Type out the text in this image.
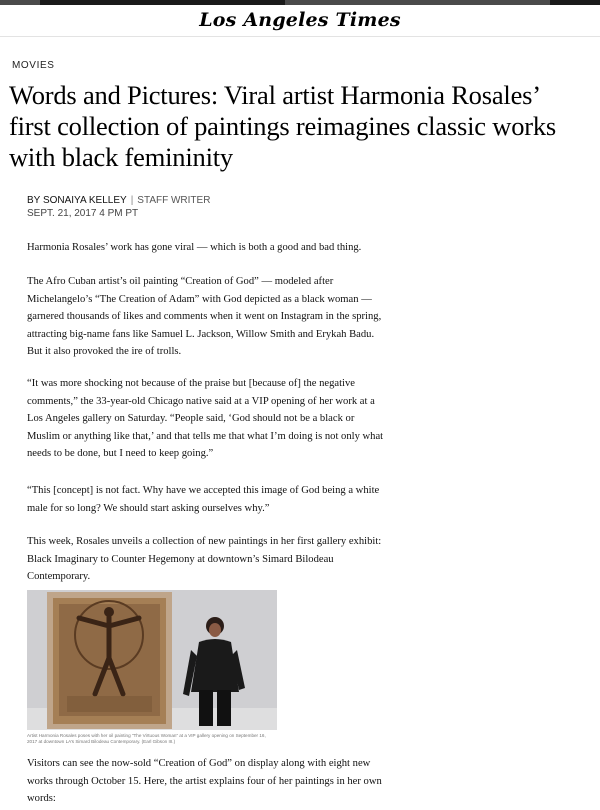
Los Angeles Times
MOVIES
Words and Pictures: Viral artist Harmonia Rosales’ first collection of paintings reimagines classic works with black femininity
BY SONAIYA KELLEY | STAFF WRITER
SEPT. 21, 2017 4 PM PT

Harmonia Rosales’ work has gone viral — which is both a good and bad thing.

The Afro Cuban artist’s oil painting “Creation of God” — modeled after Michelangelo’s “The Creation of Adam” with God depicted as a black woman — garnered thousands of likes and comments when it went on Instagram in the spring, attracting big-name fans like Samuel L. Jackson, Willow Smith and Erykah Badu. But it also provoked the ire of trolls.

“It was more shocking not because of the praise but [because of] the negative comments,” the 33-year-old Chicago native said at a VIP opening of her work at a Los Angeles gallery on Saturday. “People said, ‘God should not be a black or Muslim or anything like that,’ and that tells me that what I’m doing is not only what needs to be done, but I need to keep going.”

“This [concept] is not fact. Why have we accepted this image of God being a white male for so long? We should start asking ourselves why.”

This week, Rosales unveils a collection of new paintings in her first gallery exhibit: Black Imaginary to Counter Hegemony at downtown’s Simard Bilodeau Contemporary.

Artist Harmonia Rosales poses with her oil painting “The Virtuous Woman” at a VIP gallery opening on September 16, 2017 at downtown LA’s Simard Bilodeau Contemporary. (Earl Gibson III.)

Visitors can see the now-sold “Creation of God” on display along with eight new works through October 15. Here, the artist explains four of her paintings in her own words:
